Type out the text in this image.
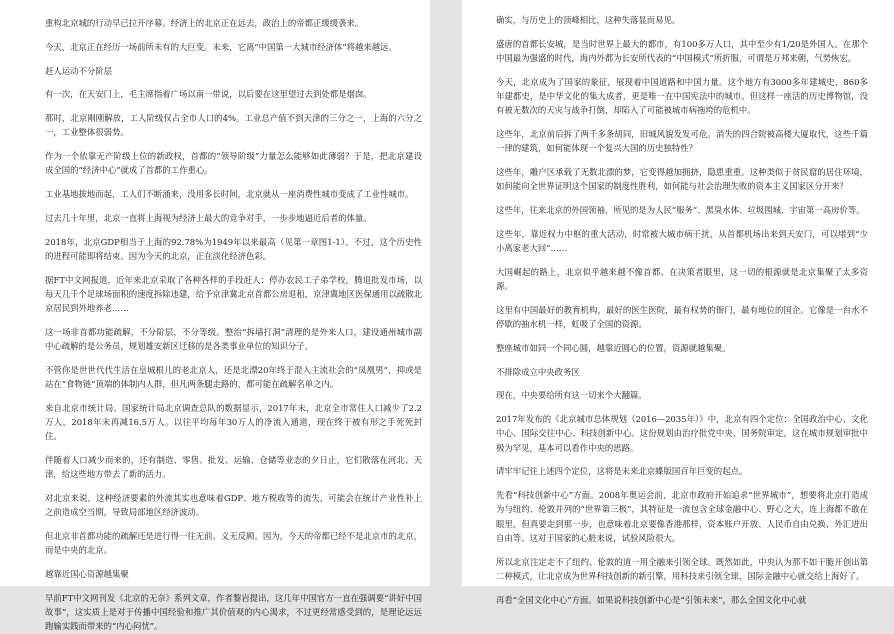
重构北京城的行动早已拉开序幕。经济上的北京正在远去，政治上的帝都正缓缓袭来。

今天，北京正在经历一场前所未有的大巨变。未来，它离“中国第一大城市经济体”将越来越远。

赶人运动不分阶层

有一次，在天安门上，毛主席指着广场以南一带说，以后要在这里望过去到处都是烟囱。

那时，北京刚刚解放，工人阶级仅占全市人口的4%。工业总产值不到天津的三分之一，上海的六分之一，工业整体很弱势。

作为一个依靠无产阶级上位的新政权，首都的“领导阶级”力量怎么能够如此薄弱？于是，把北京建设成全国的“经济中心”就成了首都的工作重心。

工业基地拔地而起，工人们不断涌来，没用多长时间，北京就从一座消费性城市变成了工业性城市。

过去几十年里，北京一直将上海视为经济上最大的竞争对手，一步步地逼近后者的体量。

2018年，北京GDP相当于上海的92.78%为1949年以来最高（见第一章图1-1）。不过，这个历史性的进程可能即将结束。因为今天的北京，正在淡化经济色彩。

据FT中文网报道，近年来北京采取了各种各样的手段赶人：停办农民工子弟学校，腾退批发市场，以每天几千个足球场面积的速度拆除违建，给予京津冀北京首都公房退租，京津冀地区医保通用以疏散北京居民到外地养老……

这一场非首都功能疏解，不分阶层，不分等级。整治“拆墙打洞”清理的是外来人口，建设通州城市副中心疏解的是公务员，规划雄安新区迁移的是各类事业单位的知识分子。

不管你是世世代代生活在皇城根儿的老北京人，还是北漂20年终于混入主流社会的“凤凰男”，抑或是站在“食物链”顶端的体制内人群，但凡两条腿走路的，都可能在疏解名单之内。

来自北京市统计局、国家统计局北京调查总队的数据显示，2017年末，北京全市常住人口减少了2.2万人，2018年末再减16.5万人。以往平均每年30万人的净流入通道，现在终于被有形之手死死封住。

伴随着人口减少而来的，还有制造、零售、批发、运输、仓储等业态的夕日止，它们散落在河北、天津，给这些地方带去了新的活力。

对北京来说，这种经济要素的外流其实也意味着GDP、地方税收等的流失，可能会在统计产业性补上之前造成空当期，导致局部地区经济波动。

但北京非首都功能的疏解还是进行得一往无前、义无反顾。因为，今天的帝都已经不是北京市的北京，而是中央的北京。

越靠近国心资源越集聚

早前FT中文网刊发《北京的无奈》系列文章，作者黎岩提出，这几年中国官方一直在强调要“讲好中国故事”，这实质上是对于传播中国经验和推广其价值观的内心渴求，不过更经常感受到的，是理论远远跑输实践而带来的“内心闷忧”。

确实，与历史上的顶峰相比，这种失落显而易见。

盛唐的首都长安城，是当时世界上最大的都市，有100多万人口，其中至少有1/20是外国人。在那个中国最为强盛的时代，海内外都为长安所代表的“中国模式”所折服，可谓是万邦来朝，气势恢宏。

今天，北京成为了国家的象征，展现着中国道路和中国力量。这个地方有3000多年建城史，860多年建都史，是中华文化的集大成者，更是唯一在中国宪法中的城市。但这样一座活的历史博物馆，没有被无数次的天灾与战争打倒，却陷入了可能被城市病拖垮的危机中。

这些年，北京前后拆了两千多条胡同，旧城风貌发发可危。消失的四合院被高楼大厦取代，这些千篇一律的建筑，如何能体现一个复兴大国的历史独特性？

这些年，雕户区承载了无数北漂的梦，它变得越加拥挤，隐患重重。这种类似于贫民窟的居住环境，如何能向全世界证明这个国家的制度性胜利，如何能与社会治理失败的资本主义国家区分开来？

这些年，往来北京的外国领袖，所见的是为人民“服务”、黑臭水体、垃圾围城、宇宙第一高房价等。

这些年，靠近权力中枢的重大活动，时常被大城市病干扰，从首都机场出来到天安门，可以堵到“少小离家老大回”……

大国崛起的路上，北京似乎越来越不像首都。在决策者眼里，这一切的根源就是北京集聚了太多资源。

这里有中国最好的教育机构，最好的医生医院，最有权势的衙门，最有地位的国企。它像是一台水不停歇的抽水机一样，虹吸了全国的资源。

整座城市如同一个同心圆，越靠近圆心的位置，资源就越集聚。

不排除成立中央政务区

现在，中央要给所有这一切来个大翻篇。

2017年发布的《北京城市总体规划（2016—2035年）》中，北京有四个定位：全国政治中心、文化中心、国际交往中心、科技创新中心。这份规划由治疗批党中央、国务院审定，这在城市规划审批中极为罕见，基本可以看作中央的思路。

请牢牢记住上述四个定位，这将是未来北京蝶版国百年巨变的起点。

先看“科技创新中心”方面。2008年奥运会前，北京市政府开始追求“世界城市”，想要将北京打造成为与纽约、伦敦并列的“世界第三极”，其特征是一流包含全球金融中心、野心之大，连上海都不敢在眼里。但真要走到那一步，也意味着北京要像香港那样，资本账户开放、人民币自由兑换、外汇进出自由等。这对于国家的心脏来说，试验风险很大。

所以北京注定走不了纽约、伦敦的道一用全融来引领全球。既然如此，中央认为那不如干脆开创出第二种模式，让北京成为世界科技创新的新引擎，用科技来引领全球，国际金融中心就交给上海好了。

再看“全国文化中心”方面。如果说科技创新中心是“引领未来”，那么全国文化中心就
